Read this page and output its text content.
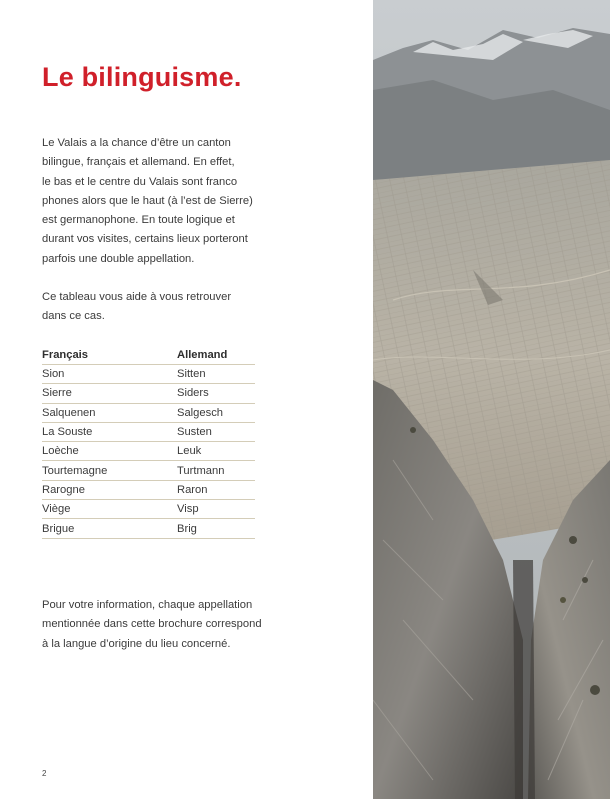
Le bilinguisme.

Le Valais a la chance d’être un canton
bilingue, français et allemand. En effet,
le bas et le centre du Valais sont franco
phones alors que le haut (à l’est de Sierre)
est germanophone. En toute logique et
durant vos visites, certains lieux porteront
parfois une double appellation.

Ce tableau vous aide à vous retrouver
dans ce cas.

Français	Allemand
Sion	Sitten
Sierre	Siders
Salquenen	Salgesch
La Souste	Susten
Loèche	Leuk
Tourtemagne	Turtmann
Rarogne	Raron
Viège	Visp
Brigue	Brig

Pour votre information, chaque appellation
mentionnée dans cette brochure correspond
à la langue d’origine du lieu concerné.

2
